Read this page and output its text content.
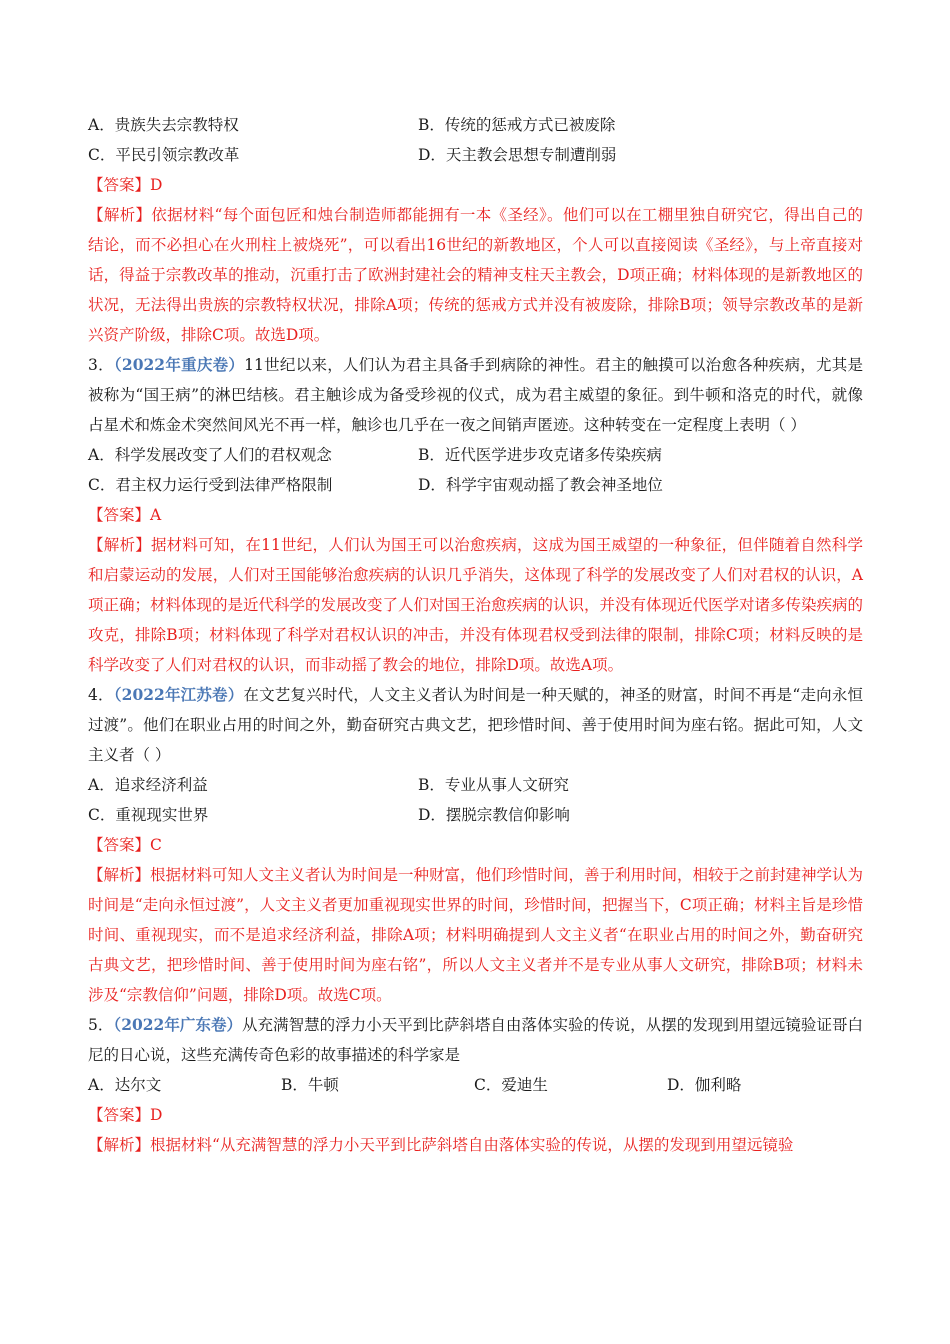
A．贵族失去宗教特权	B．传统的惩戒方式已被废除
C．平民引领宗教改革	D．天主教会思想专制遭削弱
【答案】D
【解析】依据材料“每个面包匠和烛台制造师都能拥有一本《圣经》。他们可以在工棚里独自研究它，得出自己的结论，而不必担心在火刑柱上被烧死”，可以看出16世纪的新教地区，个人可以直接阅读《圣经》，与上帝直接对话，得益于宗教改革的推动，沉重打击了欧洲封建社会的精神支柱天主教会，D项正确；材料体现的是新教地区的状况，无法得出贵族的宗教特权状况，排除A项；传统的惩戒方式并没有被废除，排除B项；领导宗教改革的是新兴资产阶级，排除C项。故选D项。
3．（2022年重庆卷）11世纪以来，人们认为君主具备手到病除的神性。君主的触摸可以治愈各种疾病，尤其是被称为“国王病”的淋巴结核。君主触诊成为备受珍视的仪式，成为君主威望的象征。到牛顿和洛克的时代，就像占星术和炼金术突然间风光不再一样，触诊也几乎在一夜之间销声匿迹。这种转变在一定程度上表明（ ）
A．科学发展改变了人们的君权观念	B．近代医学进步攻克诸多传染疾病
C．君主权力运行受到法律严格限制	D．科学宇宙观动摇了教会神圣地位
【答案】A
【解析】据材料可知，在11世纪，人们认为国王可以治愈疾病，这成为国王威望的一种象征，但伴随着自然科学和启蒙运动的发展，人们对王国能够治愈疾病的认识几乎消失，这体现了科学的发展改变了人们对君权的认识，A项正确；材料体现的是近代科学的发展改变了人们对国王治愈疾病的认识，并没有体现近代医学对诸多传染疾病的攻克，排除B项；材料体现了科学对君权认识的冲击，并没有体现君权受到法律的限制，排除C项；材料反映的是科学改变了人们对君权的认识，而非动摇了教会的地位，排除D项。故选A项。
4．（2022年江苏卷）在文艺复兴时代，人文主义者认为时间是一种天赋的，神圣的财富，时间不再是“走向永恒过渡”。他们在职业占用的时间之外，勤奋研究古典文艺，把珍惜时间、善于使用时间为座右铭。据此可知，人文主义者（ ）
A．追求经济利益	B．专业从事人文研究
C．重视现实世界	D．摆脱宗教信仰影响
【答案】C
【解析】根据材料可知人文主义者认为时间是一种财富，他们珍惜时间，善于利用时间，相较于之前封建神学认为时间是“走向永恒过渡”，人文主义者更加重视现实世界的时间，珍惜时间，把握当下，C项正确；材料主旨是珍惜时间、重视现实，而不是追求经济利益，排除A项；材料明确提到人文主义者“在职业占用的时间之外，勤奋研究古典文艺，把珍惜时间、善于使用时间为座右铭”，所以人文主义者并不是专业从事人文研究，排除B项；材料未涉及“宗教信仰”问题，排除D项。故选C项。
5．（2022年广东卷）从充满智慧的浮力小天平到比萨斜塔自由落体实验的传说，从摆的发现到用望远镜验证哥白尼的日心说，这些充满传奇色彩的故事描述的科学家是
A．达尔文	B．牛顿	C．爱迪生	D．伽利略
【答案】D
【解析】根据材料“从充满智慧的浮力小天平到比萨斜塔自由落体实验的传说，从摆的发现到用望远镜验
